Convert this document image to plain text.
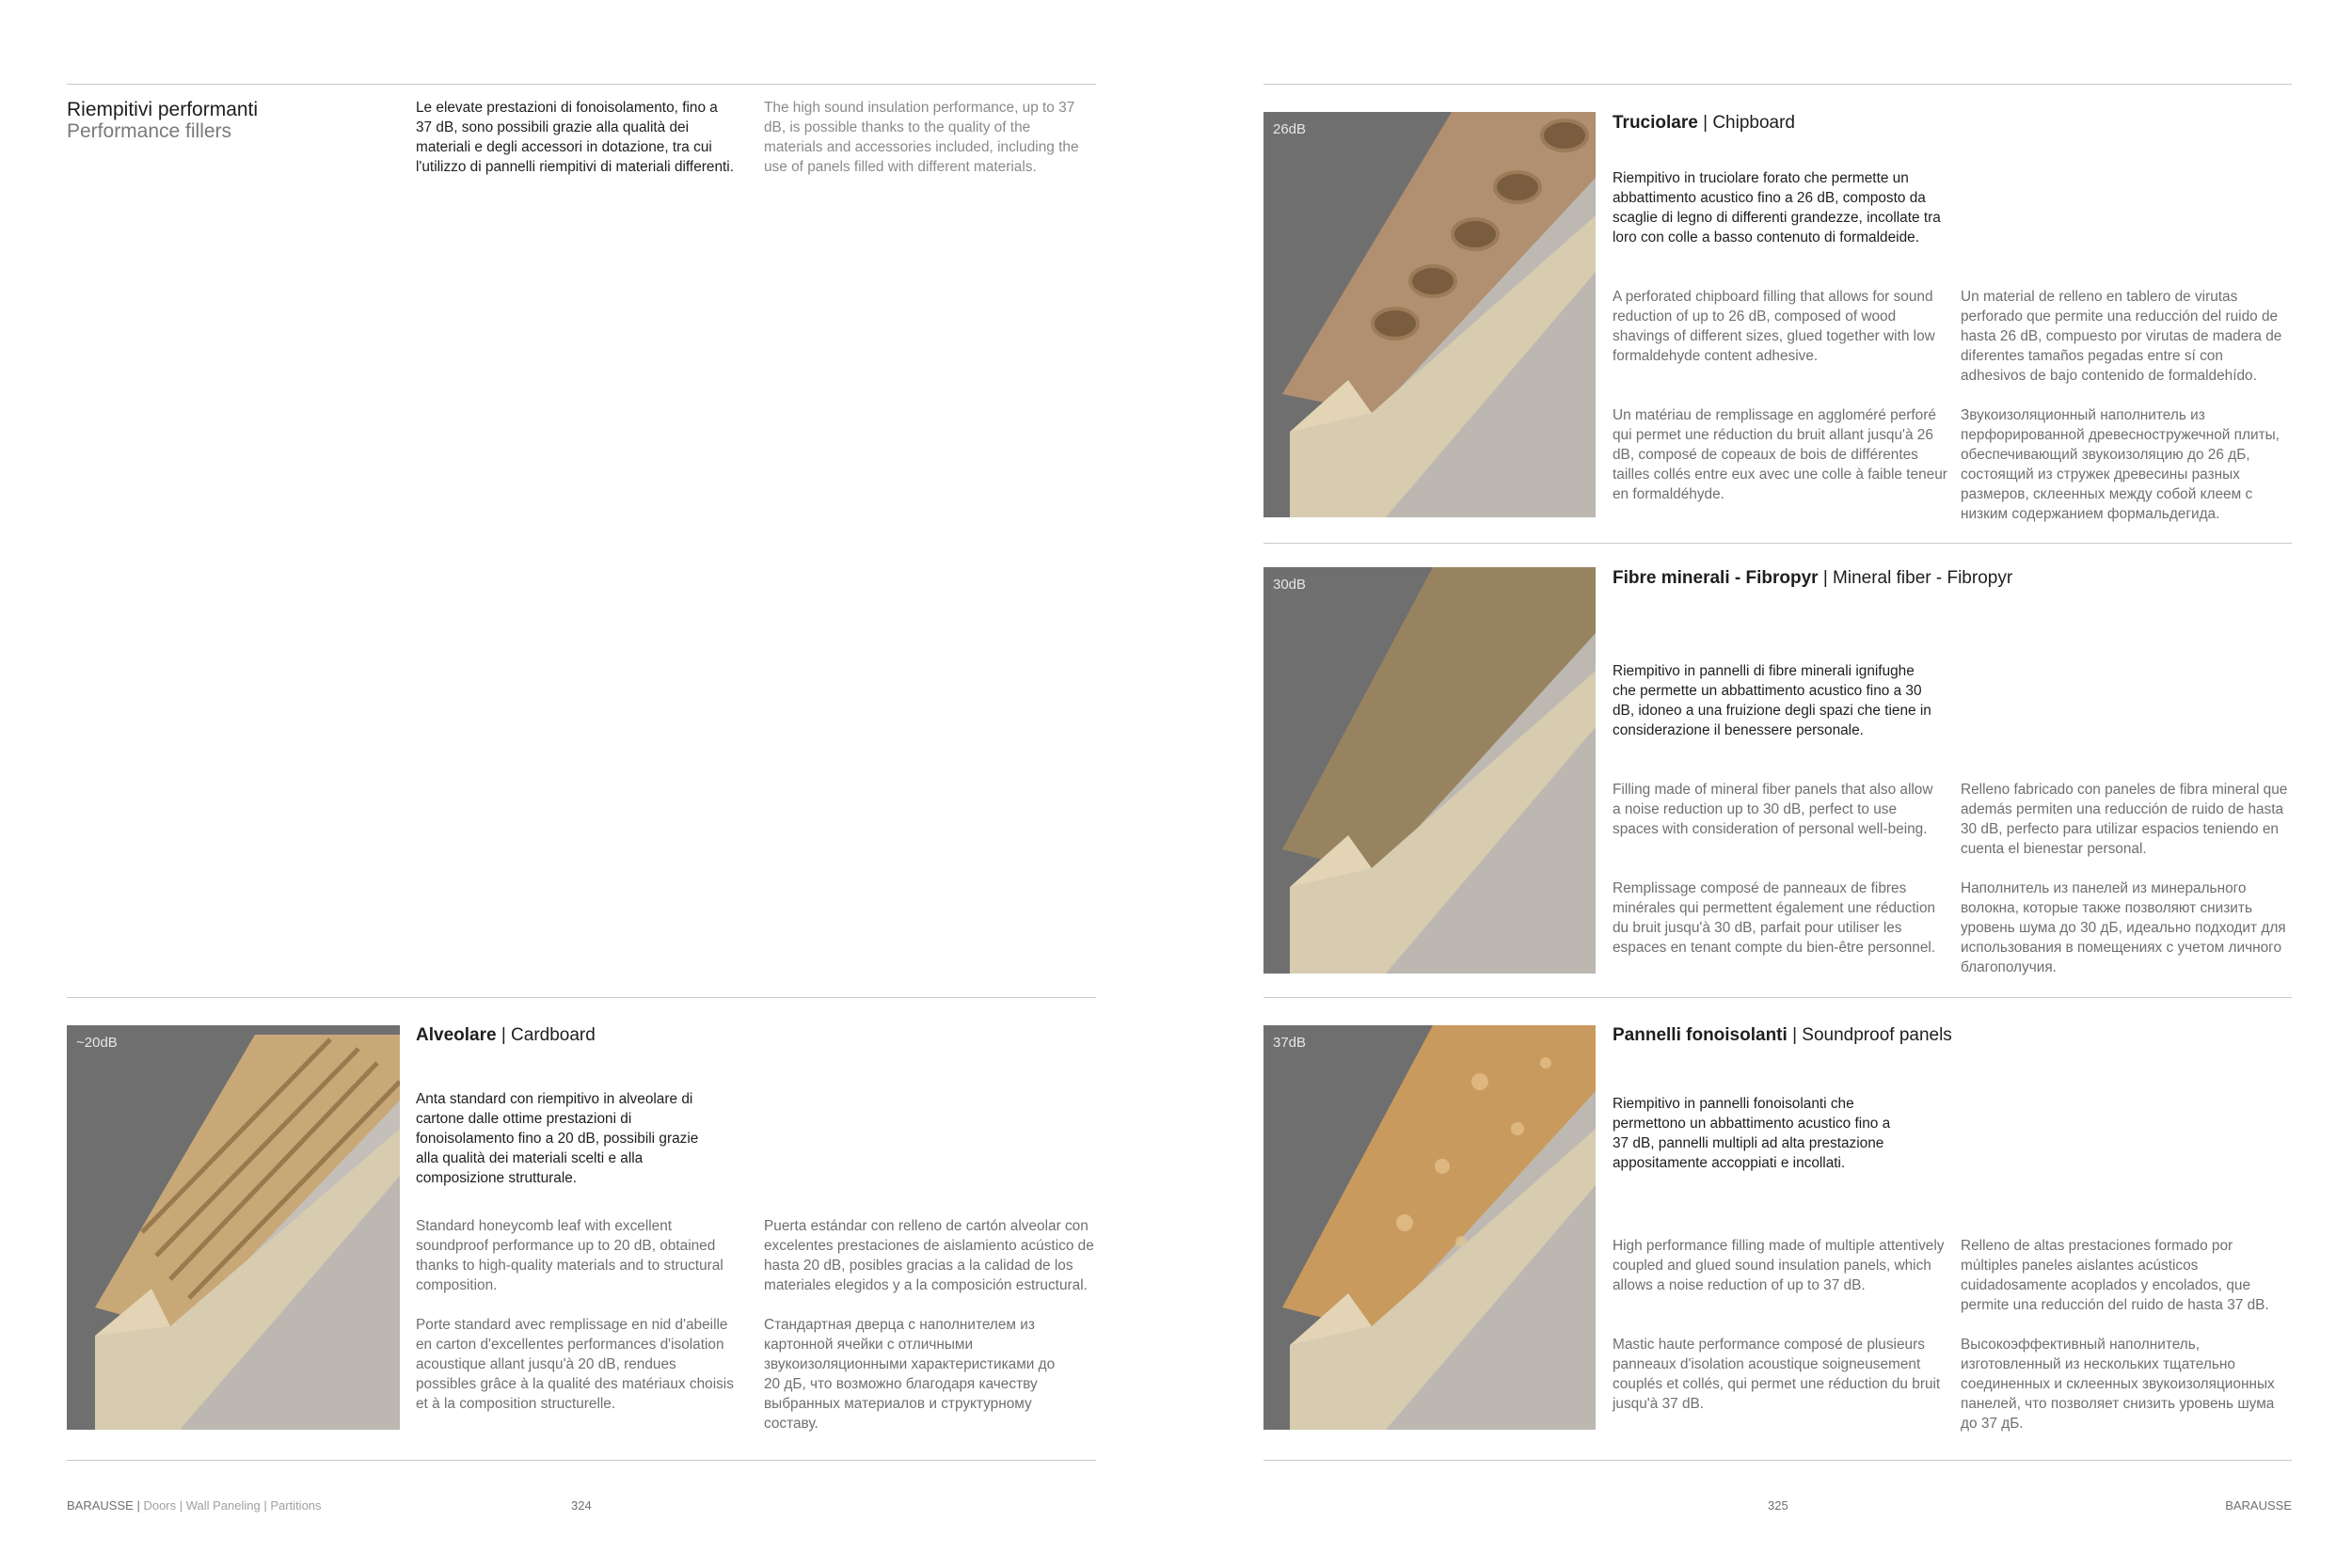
Riempitivi performanti
Performance fillers

Le elevate prestazioni di fonoisolamento, fino a 37 dB, sono possibili grazie alla qualità dei materiali e degli accessori in dotazione, tra cui l'utilizzo di pannelli riempitivi di materiali differenti.

The high sound insulation performance, up to 37 dB, is possible thanks to the quality of the materials and accessories included, including the use of panels filled with different materials.

~20dB	Alveolare | Cardboard

Anta standard con riempitivo in alveolare di cartone dalle ottime prestazioni di fonoisolamento fino a 20 dB, possibili grazie alla qualità dei materiali scelti e alla composizione strutturale.

Standard honeycomb leaf with excellent soundproof performance up to 20 dB, obtained thanks to high-quality materials and to structural composition.

Puerta estándar con relleno de cartón alveolar con excelentes prestaciones de aislamiento acústico de hasta 20 dB, posibles gracias a la calidad de los materiales elegidos y a la composición estructural.

Porte standard avec remplissage en nid d'abeille en carton d'excellentes performances d'isolation acoustique allant jusqu'à 20 dB, rendues possibles grâce à la qualité des matériaux choisis et à la composition structurelle.

Стандартная дверца с наполнителем из картонной ячейки с отличными звукоизоляционными характеристиками до 20 дБ, что возможно благодаря качеству выбранных материалов и структурному составу.

BARAUSSE | Doors | Wall Paneling | Partitions	324
26dB	Truciolare | Chipboard

Riempitivo in truciolare forato che permette un abbattimento acustico fino a 26 dB, composto da scaglie di legno di differenti grandezze, incollate tra loro con colle a basso contenuto di formaldeide.

A perforated chipboard filling that allows for sound reduction of up to 26 dB, composed of wood shavings of different sizes, glued together with low formaldehyde content adhesive.

Un material de relleno en tablero de virutas perforado que permite una reducción del ruido de hasta 26 dB, compuesto por virutas de madera de diferentes tamaños pegadas entre sí con adhesivos de bajo contenido de formaldehído.

Un matériau de remplissage en aggloméré perforé qui permet une réduction du bruit allant jusqu'à 26 dB, composé de copeaux de bois de différentes tailles collés entre eux avec une colle à faible teneur en formaldéhyde.

Звукоизоляционный наполнитель из перфорированной древесностружечной плиты, обеспечивающий звукоизоляцию до 26 дБ, состоящий из стружек древесины разных размеров, склеенных между собой клеем с низким содержанием формальдегида.

30dB	Fibre minerali - Fibropyr | Mineral fiber - Fibropyr

Riempitivo in pannelli di fibre minerali ignifughe che permette un abbattimento acustico fino a 30 dB, idoneo a una fruizione degli spazi che tiene in considerazione il benessere personale.

Filling made of mineral fiber panels that also allow a noise reduction up to 30 dB, perfect to use spaces with consideration of personal well-being.

Relleno fabricado con paneles de fibra mineral que además permiten una reducción de ruido de hasta 30 dB, perfecto para utilizar espacios teniendo en cuenta el bienestar personal.

Remplissage composé de panneaux de fibres minérales qui permettent également une réduction du bruit jusqu'à 30 dB, parfait pour utiliser les espaces en tenant compte du bien-être personnel.

Наполнитель из панелей из минерального волокна, которые также позволяют снизить уровень шума до 30 дБ, идеально подходит для использования в помещениях с учетом личного благополучия.

37dB	Pannelli fonoisolanti | Soundproof panels

Riempitivo in pannelli fonoisolanti che permettono un abbattimento acustico fino a 37 dB, pannelli multipli ad alta prestazione appositamente accoppiati e incollati.

High performance filling made of multiple attentively coupled and glued sound insulation panels, which allows a noise reduction of up to 37 dB.

Relleno de altas prestaciones formado por múltiples paneles aislantes acústicos cuidadosamente acoplados y encolados, que permite una reducción del ruido de hasta 37 dB.

Mastic haute performance composé de plusieurs panneaux d'isolation acoustique soigneusement couplés et collés, qui permet une réduction du bruit jusqu'à 37 dB.

Высокоэффективный наполнитель, изготовленный из нескольких тщательно соединенных и склеенных звукоизоляционных панелей, что позволяет снизить уровень шума до 37 дБ.

325	BARAUSSE
